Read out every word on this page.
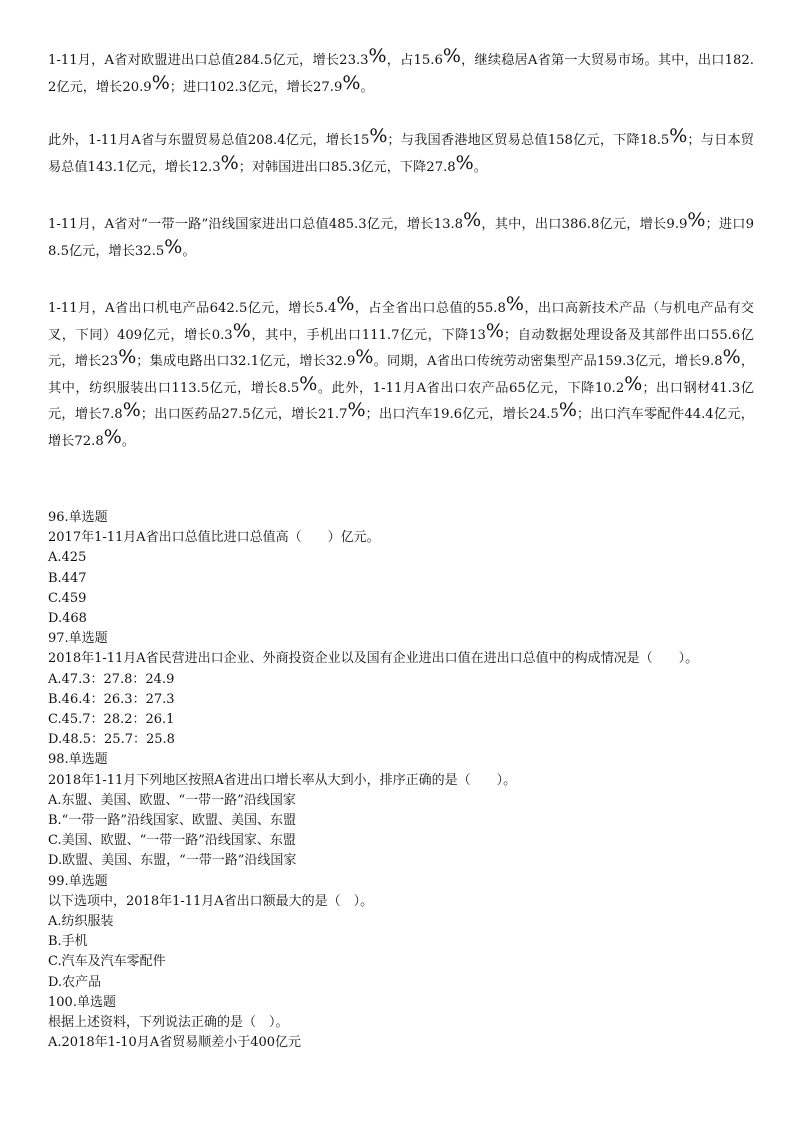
1-11月，A省对欧盟进出口总值284.5亿元，增长23.3%，占15.6%，继续稳居A省第一大贸易市场。其中，出口182.2亿元，增长20.9%；进口102.3亿元，增长27.9%。

此外，1-11月A省与东盟贸易总值208.4亿元，增长15%；与我国香港地区贸易总值158亿元，下降18.5%；与日本贸易总值143.1亿元，增长12.3%；对韩国进出口85.3亿元，下降27.8%。

1-11月，A省对“一带一路”沿线国家进出口总值485.3亿元，增长13.8%，其中，出口386.8亿元，增长9.9%；进口98.5亿元，增长32.5%。

1-11月，A省出口机电产品642.5亿元，增长5.4%，占全省出口总值的55.8%，出口高新技术产品（与机电产品有交叉，下同）409亿元，增长0.3%，其中，手机出口111.7亿元，下降13%；自动数据处理设备及其部件出口55.6亿元，增长23%；集成电路出口32.1亿元，增长32.9%。同期，A省出口传统劳动密集型产品159.3亿元，增长9.8%，其中，纺织服装出口113.5亿元，增长8.5%。此外，1-11月A省出口农产品65亿元，下降10.2%；出口钢材41.3亿元，增长7.8%；出口医药品27.5亿元，增长21.7%；出口汽车19.6亿元，增长24.5%；出口汽车零配件44.4亿元，增长72.8%。

96.单选题
2017年1-11月A省出口总值比进口总值高（　　）亿元。
A.425
B.447
C.459
D.468
97.单选题
2018年1-11月A省民营进出口企业、外商投资企业以及国有企业进出口值在进出口总值中的构成情况是（　　）。
A.47.3：27.8：24.9
B.46.4：26.3：27.3
C.45.7：28.2：26.1
D.48.5：25.7：25.8
98.单选题
2018年1-11月下列地区按照A省进出口增长率从大到小，排序正确的是（　　）。
A.东盟、美国、欧盟、“一带一路”沿线国家
B.“一带一路”沿线国家、欧盟、美国、东盟
C.美国、欧盟、“一带一路”沿线国家、东盟
D.欧盟、美国、东盟，“一带一路”沿线国家
99.单选题
以下选项中，2018年1-11月A省出口额最大的是（　）。
A.纺织服装
B.手机
C.汽车及汽车零配件
D.农产品
100.单选题
根据上述资料，下列说法正确的是（　）。
A.2018年1-10月A省贸易顺差小于400亿元
